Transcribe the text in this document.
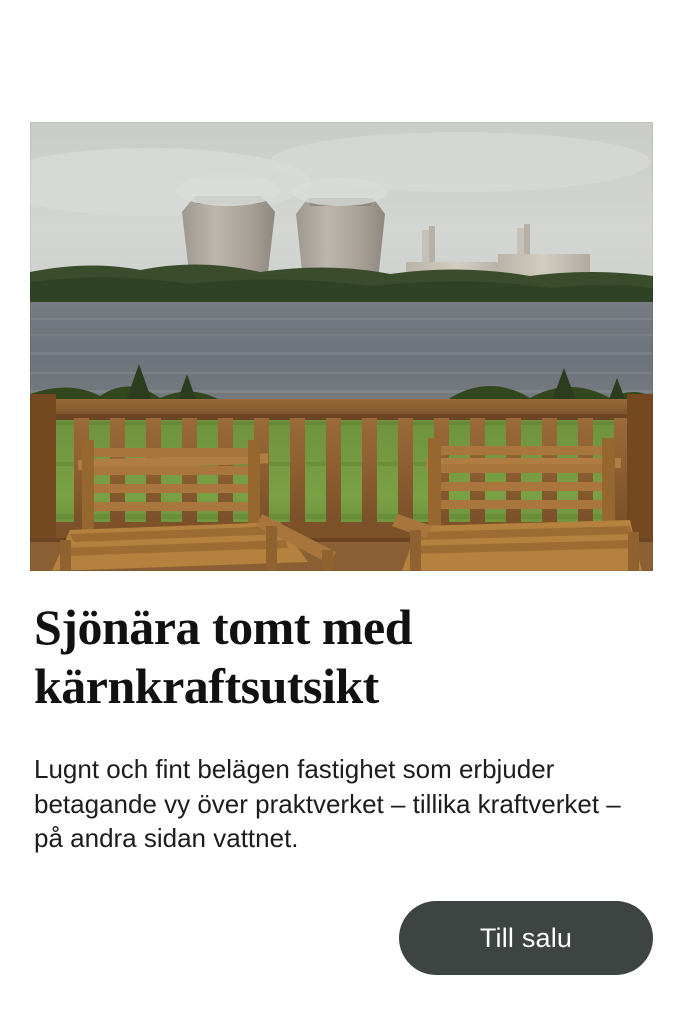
Sjönära tomt med kärnkraftsutsikt

Lugnt och fint belägen fastighet som erbjuder betagande vy över praktverket – tillika kraftverket – på andra sidan vattnet.

Till salu
